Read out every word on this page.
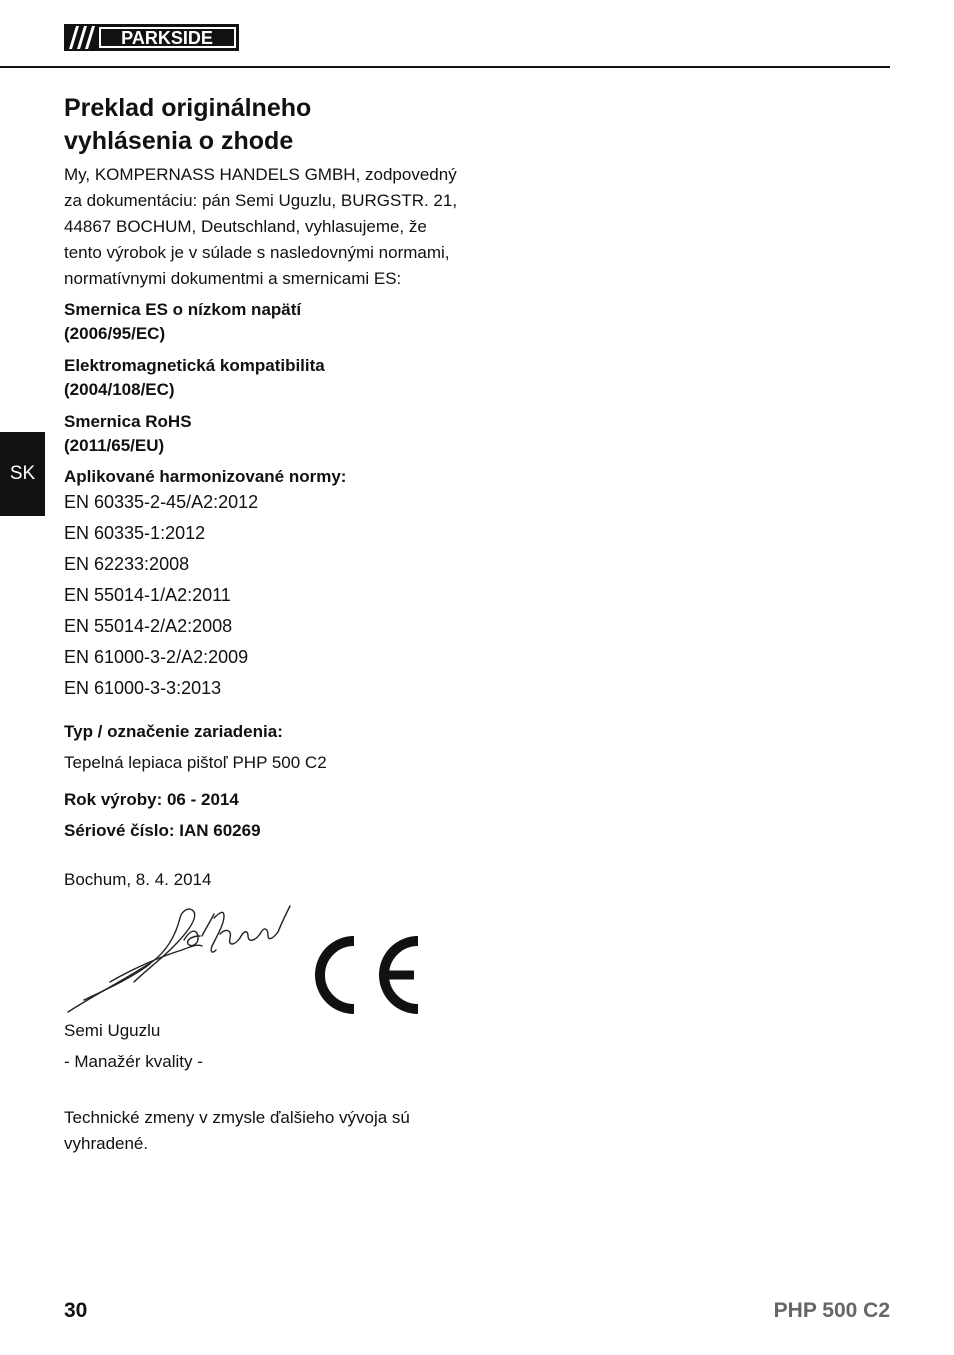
PARKSIDE
SK
Preklad originálneho
vyhlásenia o zhode

My, KOMPERNASS HANDELS GMBH, zodpovedný
za dokumentáciu: pán Semi Uguzlu, BURGSTR. 21,
44867 BOCHUM, Deutschland, vyhlasujeme, že
tento výrobok je v súlade s nasledovnými normami,
normatívnymi dokumentmi a smernicami ES:

Smernica ES o nízkom napätí
(2006/95/EC)
Elektromagnetická kompatibilita
(2004/108/EC)
Smernica RoHS
(2011/65/EU)
Aplikované harmonizované normy:
EN 60335-2-45/A2:2012
EN 60335-1:2012
EN 62233:2008
EN 55014-1/A2:2011
EN 55014-2/A2:2008
EN 61000-3-2/A2:2009
EN 61000-3-3:2013
Typ / označenie zariadenia:
Tepelná lepiaca pištoľ PHP 500 C2
Rok výroby: 06 - 2014
Sériové číslo: IAN 60269
Bochum, 8. 4. 2014
Semi Uguzlu
- Manažér kvality -
Technické zmeny v zmysle ďalšieho vývoja sú
vyhradené.
30	PHP 500 C2
